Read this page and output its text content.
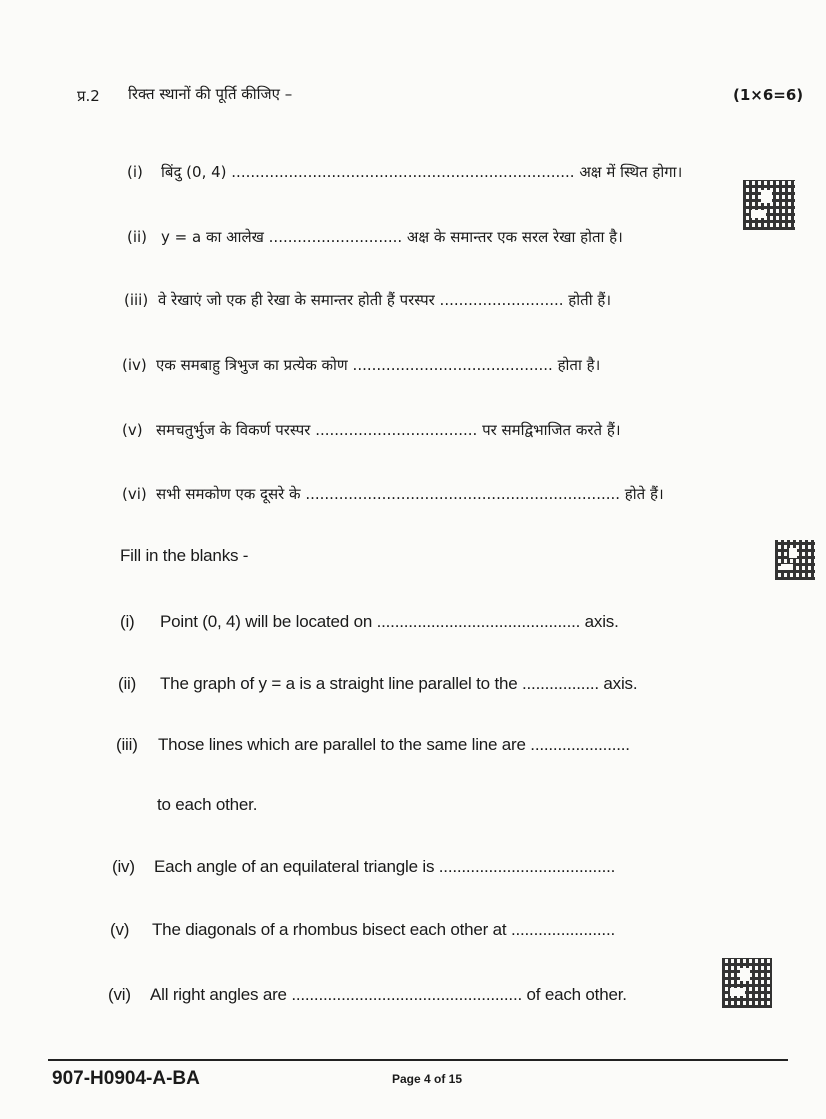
प्र.2 रिक्त स्थानों की पूर्ति कीजिए –	(1×6=6)
(i) बिंदु (0, 4) ........................................................................ अक्ष में स्थित होगा।
(ii) y = a का आलेख ............................ अक्ष के समान्तर एक सरल रेखा होता है।
(iii) वे रेखाएं जो एक ही रेखा के समान्तर होती हैं परस्पर .......................... होती हैं।
(iv) एक समबाहु त्रिभुज का प्रत्येक कोण .......................................... होता है।
(v) समचतुर्भुज के विकर्ण परस्पर .................................. पर समद्विभाजित करते हैं।
(vi) सभी समकोण एक दूसरे के .................................................................. होते हैं।
Fill in the blanks -
(i) Point (0, 4) will be located on ............................................. axis.
(ii) The graph of y = a is a straight line parallel to the ................. axis.
(iii) Those lines which are parallel to the same line are ......................
to each other.
(iv) Each angle of an equilateral triangle is .......................................
(v) The diagonals of a rhombus bisect each other at .......................
(vi) All right angles are ................................................... of each other.
907-H0904-A-BA	Page 4 of 15
